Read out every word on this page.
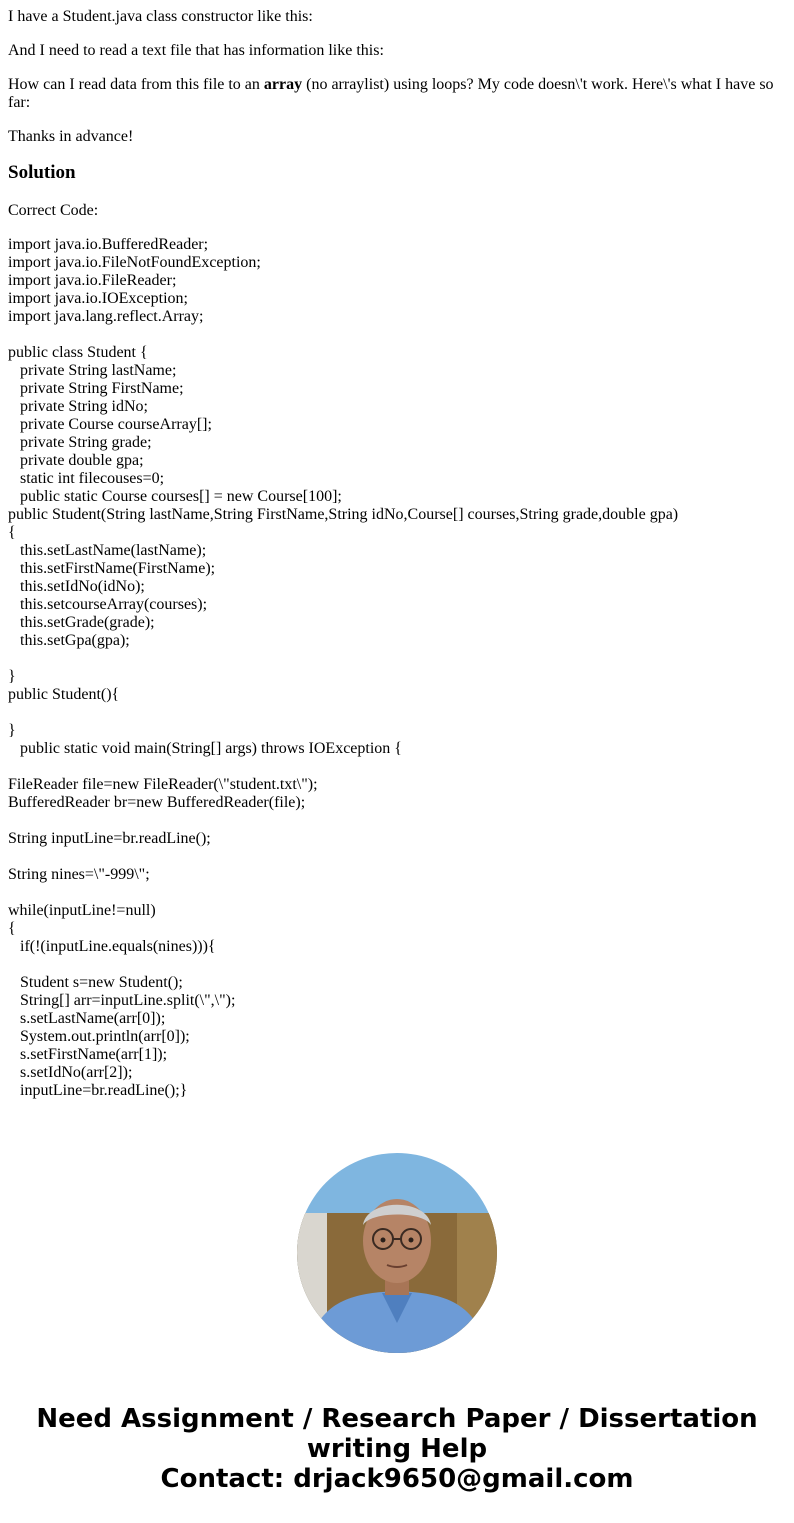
I have a Student.java class constructor like this:

And I need to read a text file that has information like this:

How can I read data from this file to an array (no arraylist) using loops? My code doesn\'t work. Here\'s what I have so far:

Thanks in advance!

Solution

Correct Code:

import java.io.BufferedReader;
import java.io.FileNotFoundException;
import java.io.FileReader;
import java.io.IOException;
import java.lang.reflect.Array;
public class Student {
private String lastName;
private String FirstName;
private String idNo;
private Course courseArray[];
private String grade;
private double gpa;
static int filecouses=0;
public static Course courses[] = new Course[100];
public Student(String lastName,String FirstName,String idNo,Course[] courses,String grade,double gpa)
{
this.setLastName(lastName);
this.setFirstName(FirstName);
this.setIdNo(idNo);
this.setcourseArray(courses);
this.setGrade(grade);
this.setGpa(gpa);
}
public Student(){
}
public static void main(String[] args) throws IOException {
FileReader file=new FileReader(\"student.txt\");
BufferedReader br=new BufferedReader(file);
String inputLine=br.readLine();
String nines=\"-999\";
while(inputLine!=null)
{
if(!(inputLine.equals(nines))){
Student s=new Student();
String[] arr=inputLine.split(\",\");
s.setLastName(arr[0]);
System.out.println(arr[0]);
s.setFirstName(arr[1]);
s.setIdNo(arr[2]);
inputLine=br.readLine();}
Need Assignment / Research Paper / Dissertation
writing Help
Contact: drjack9650@gmail.com
